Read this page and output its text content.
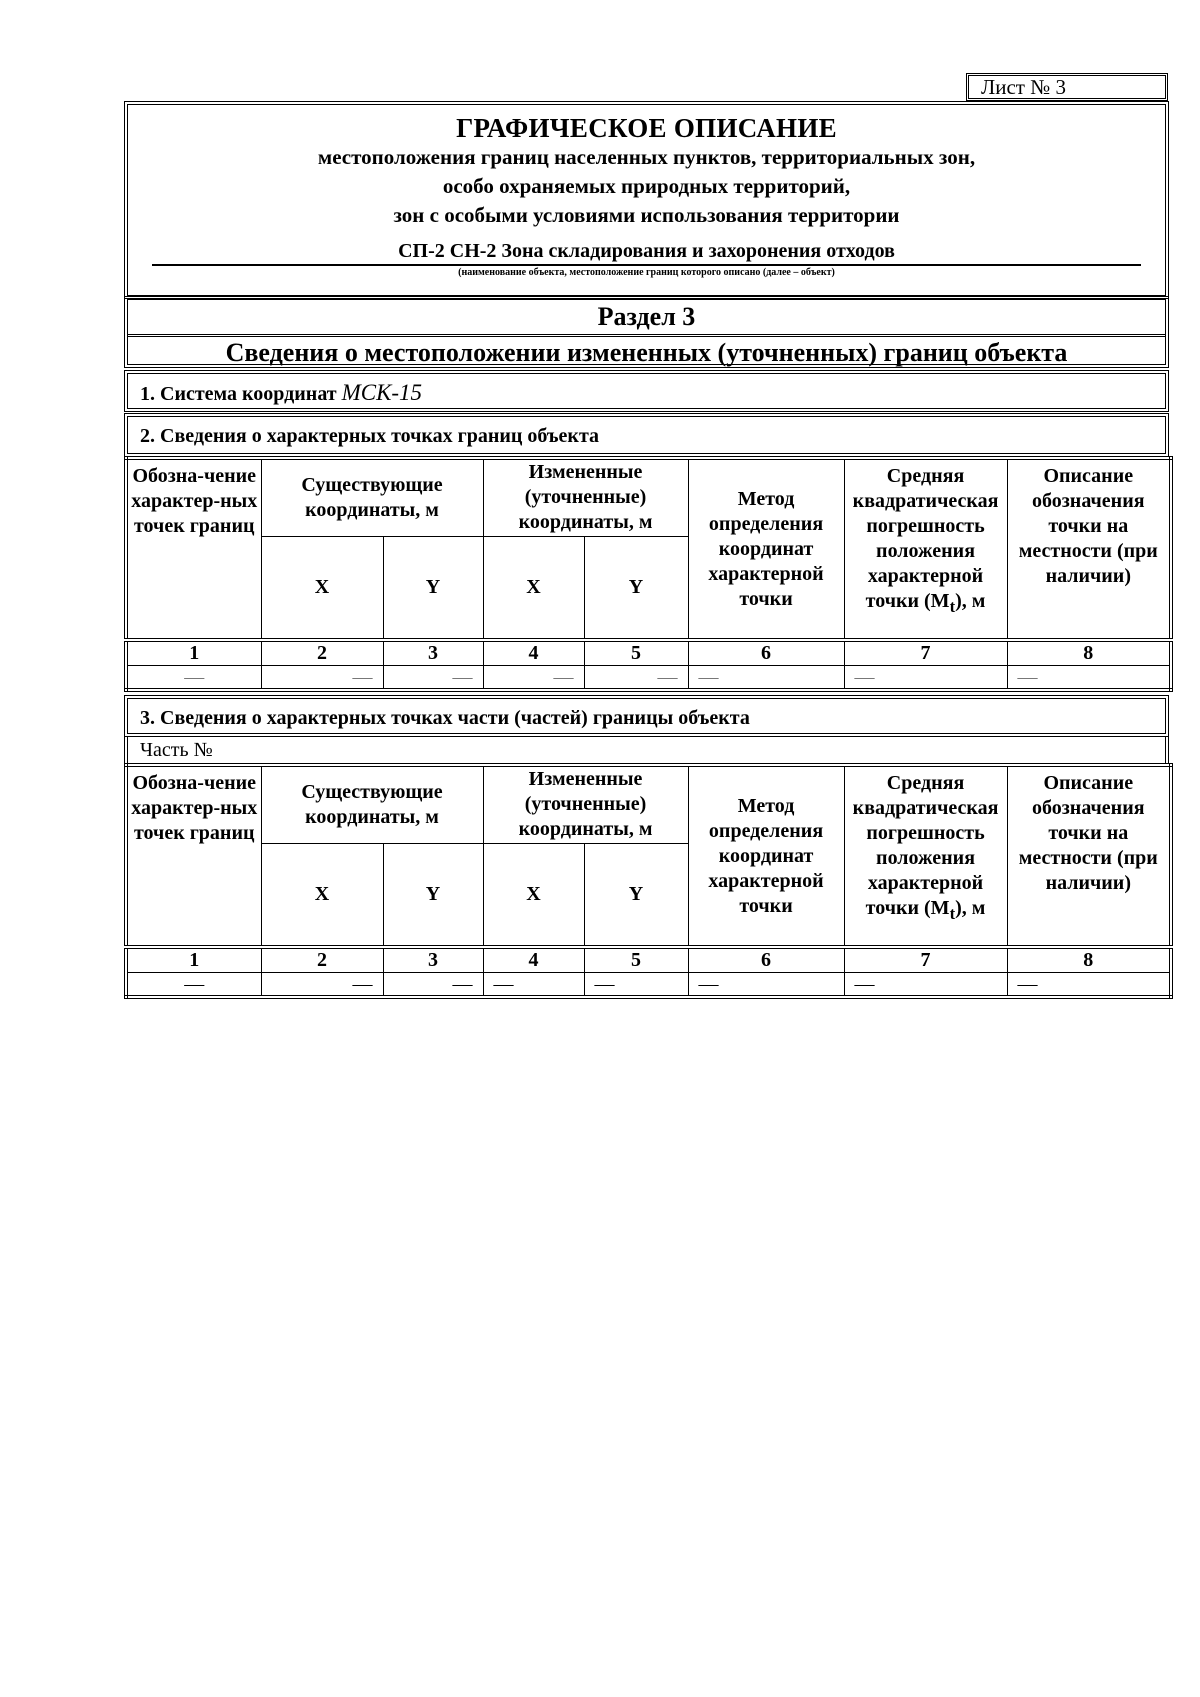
Лист № 3
ГРАФИЧЕСКОЕ ОПИСАНИЕ
местоположения границ населенных пунктов, территориальных зон,
особо охраняемых природных территорий,
зон с особыми условиями использования территории
СП-2 СН-2 Зона складирования и захоронения отходов
(наименование объекта, местоположение границ которого описано (далее – объект)
Раздел 3
Сведения о местоположении измененных (уточненных) границ объекта
1. Система координат МСК-15
2. Сведения о характерных точках границ объекта
Обозна-чение характер-ных точек границ	Существующие координаты, м		Измененные (уточненные) координаты, м		Метод определения координат характерной точки	Средняя квадратическая погрешность положения характерной точки $(M_t)$, м	Описание обозначения точки на местности (при наличии)
	X	Y	X	Y			
1	2	3	4	5	6	7	8
—	—	—	—	—	—	—	—
3. Сведения о характерных точках части (частей) границы объекта
Часть №
Обозна-чение характер-ных точек границ	Существующие координаты, м		Измененные (уточненные) координаты, м		Метод определения координат характерной точки	Средняя квадратическая погрешность положения характерной точки $(M_t)$, м	Описание обозначения точки на местности (при наличии)
	X	Y	X	Y			
1	2	3	4	5	6	7	8
—	—	—	—	—	—	—	—
